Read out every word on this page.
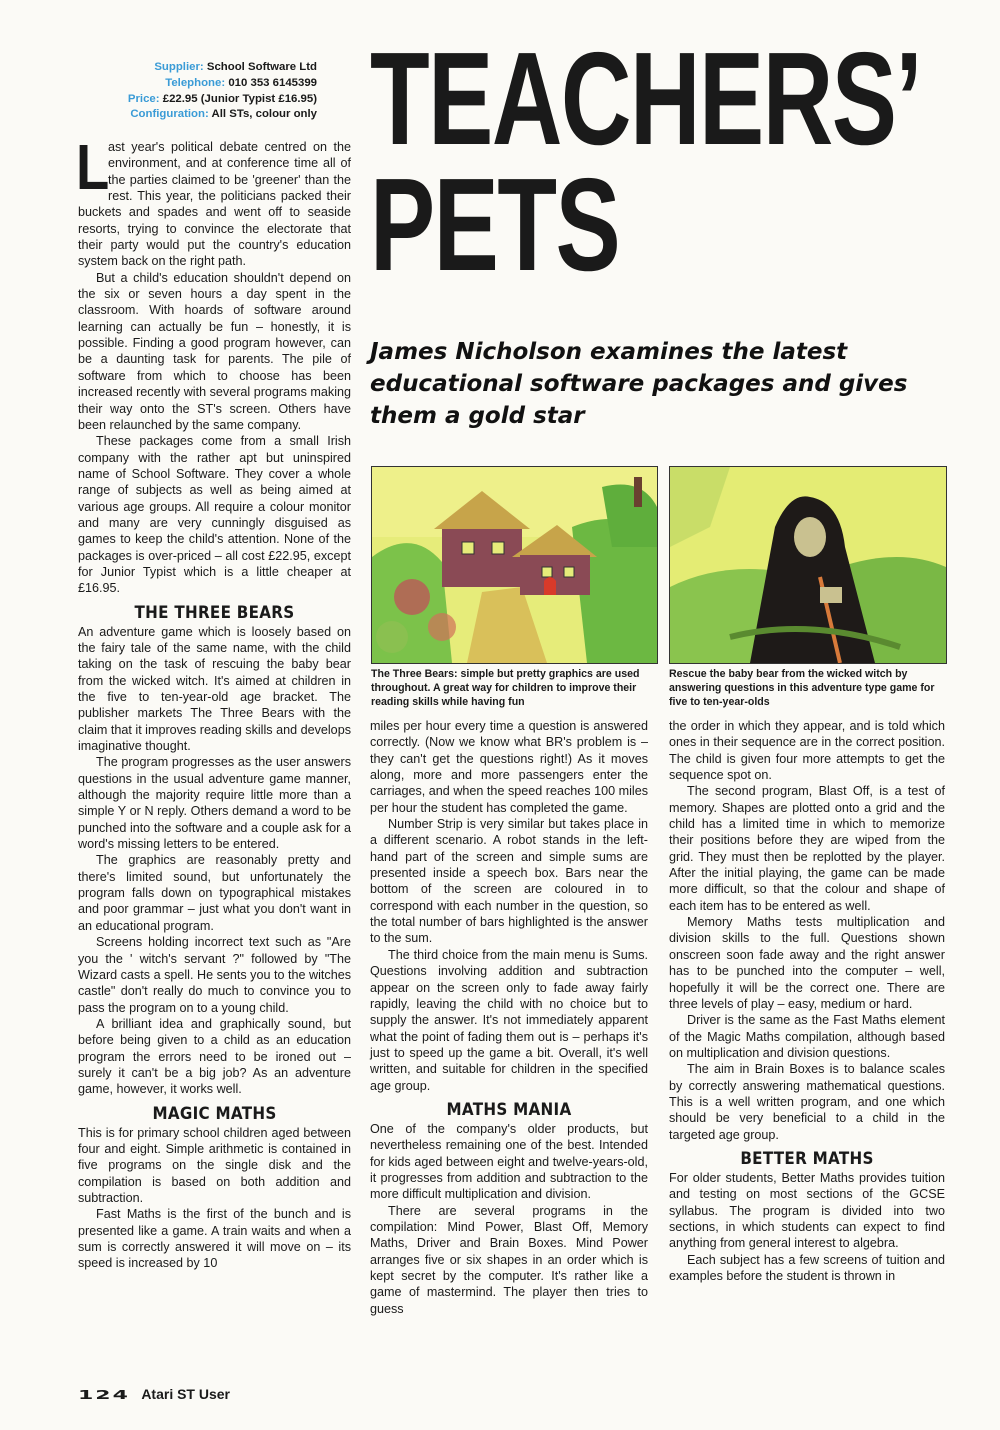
Supplier: School Software Ltd
Telephone: 010 353 6145399
Price: £22.95 (Junior Typist £16.95)
Configuration: All STs, colour only TEACHERS’
PETS
James Nicholson examines the latest educational software packages and gives them a gold star

L
ast year's political debate centred on the environment, and at conference time all of the parties claimed to be 'greener' than the rest. This year, the politicians packed their buckets and spades and went off to seaside resorts, trying to convince the electorate that their party would put the country's education system back on the right path.

But a child's education shouldn't depend on the six or seven hours a day spent in the classroom. With hoards of software around learning can actually be fun – honestly, it is possible. Finding a good program however, can be a daunting task for parents. The pile of software from which to choose has been increased recently with several programs making their way onto the ST's screen. Others have been relaunched by the same company.

These packages come from a small Irish company with the rather apt but uninspired name of School Software. They cover a whole range of subjects as well as being aimed at various age groups. All require a colour monitor and many are very cunningly disguised as games to keep the child's attention. None of the packages is over-priced – all cost £22.95, except for Junior Typist which is a little cheaper at £16.95.

THE THREE BEARS

An adventure game which is loosely based on the fairy tale of the same name, with the child taking on the task of rescuing the baby bear from the wicked witch. It's aimed at children in the five to ten-year-old age bracket. The publisher markets The Three Bears with the claim that it improves reading skills and develops imaginative thought.

The program progresses as the user answers questions in the usual adventure game manner, although the majority require little more than a simple Y or N reply. Others demand a word to be punched into the software and a couple ask for a word's missing letters to be entered.

The graphics are reasonably pretty and there's limited sound, but unfortunately the program falls down on typographical mistakes and poor grammar – just what you don't want in an educational program.

Screens holding incorrect text such as "Are you the ' witch's servant ?" followed by "The Wizard casts a spell. He sents you to the witches castle" don't really do much to convince you to pass the program on to a young child.

A brilliant idea and graphically sound, but before being given to a child as an education program the errors need to be ironed out – surely it can't be a big job? As an adventure game, however, it works well.

MAGIC MATHS

This is for primary school children aged between four and eight. Simple arithmetic is contained in five programs on the single disk and the compilation is based on both addition and subtraction.

Fast Maths is the first of the bunch and is presented like a game. A train waits and when a sum is correctly answered it will move on – its speed is increased by 10

The Three Bears: simple but pretty graphics are used throughout. A great way for children to improve their reading skills while having fun
Rescue the baby bear from the wicked witch by answering questions in this adventure type game for five to ten-year-olds

miles per hour every time a question is answered correctly. (Now we know what BR's problem is – they can't get the questions right!) As it moves along, more and more passengers enter the carriages, and when the speed reaches 100 miles per hour the student has completed the game.

Number Strip is very similar but takes place in a different scenario. A robot stands in the left-hand part of the screen and simple sums are presented inside a speech box. Bars near the bottom of the screen are coloured in to correspond with each number in the question, so the total number of bars highlighted is the answer to the sum.

The third choice from the main menu is Sums. Questions involving addition and subtraction appear on the screen only to fade away fairly rapidly, leaving the child with no choice but to supply the answer. It's not immediately apparent what the point of fading them out is – perhaps it's just to speed up the game a bit. Overall, it's well written, and suitable for children in the specified age group.

MATHS MANIA

One of the company's older products, but nevertheless remaining one of the best. Intended for kids aged between eight and twelve-years-old, it progresses from addition and subtraction to the more difficult multiplication and division.

There are several programs in the compilation: Mind Power, Blast Off, Memory Maths, Driver and Brain Boxes. Mind Power arranges five or six shapes in an order which is kept secret by the computer. It's rather like a game of mastermind. The player then tries to guess

the order in which they appear, and is told which ones in their sequence are in the correct position. The child is given four more attempts to get the sequence spot on.

The second program, Blast Off, is a test of memory. Shapes are plotted onto a grid and the child has a limited time in which to memorize their positions before they are wiped from the grid. They must then be replotted by the player. After the initial playing, the game can be made more difficult, so that the colour and shape of each item has to be entered as well.

Memory Maths tests multiplication and division skills to the full. Questions shown onscreen soon fade away and the right answer has to be punched into the computer – well, hopefully it will be the correct one. There are three levels of play – easy, medium or hard.

Driver is the same as the Fast Maths element of the Magic Maths compilation, although based on multiplication and division questions.

The aim in Brain Boxes is to balance scales by correctly answering mathematical questions. This is a well written program, and one which should be very beneficial to a child in the targeted age group.

BETTER MATHS

For older students, Better Maths provides tuition and testing on most sections of the GCSE syllabus. The program is divided into two sections, in which students can expect to find anything from general interest to algebra.

Each subject has a few screens of tuition and examples before the student is thrown in

124 Atari ST User
